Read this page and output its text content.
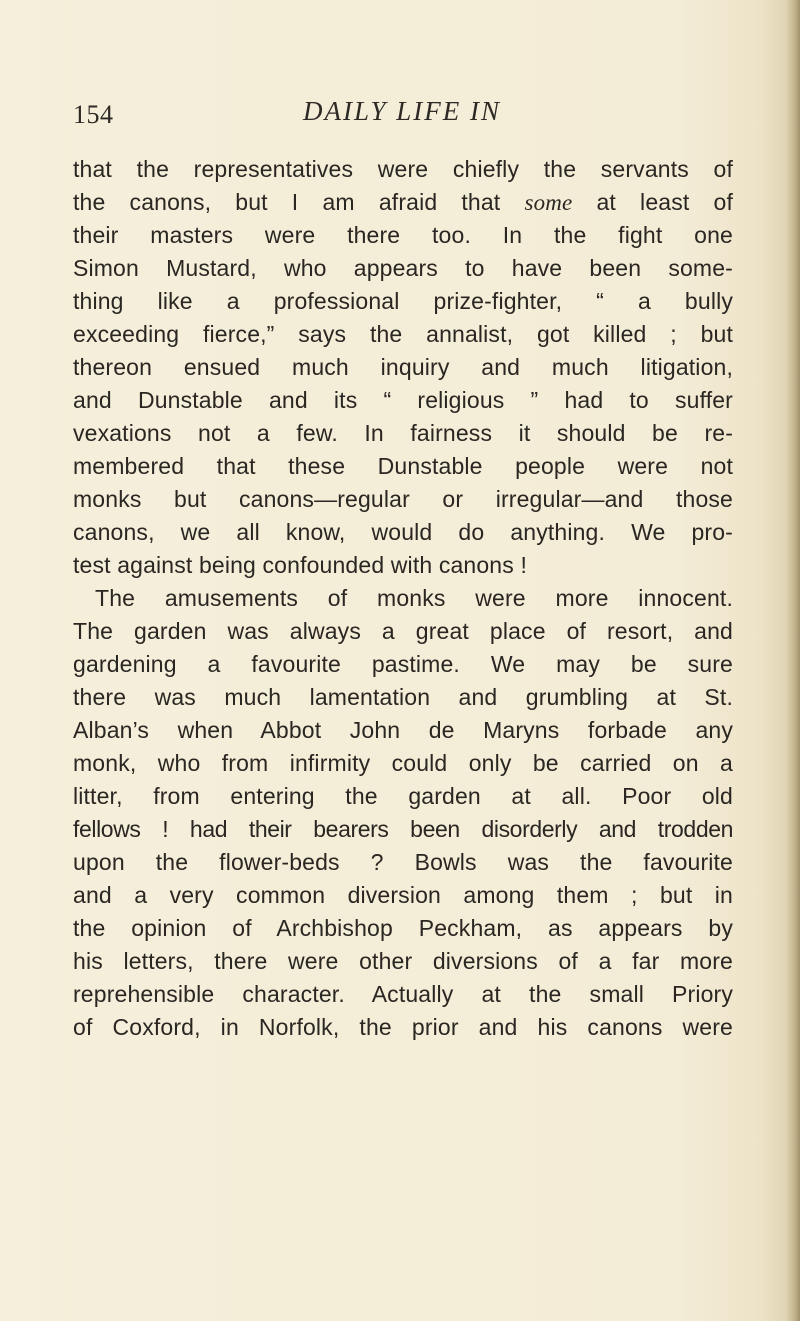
154	DAILY LIFE IN
that the representatives were chiefly the servants of
the canons, but I am afraid that some at least of
their masters were there too. In the fight one
Simon Mustard, who appears to have been some-
thing like a professional prize-fighter, “ a bully
exceeding fierce,” says the annalist, got killed ; but
thereon ensued much inquiry and much litigation,
and Dunstable and its “ religious ” had to suffer
vexations not a few. In fairness it should be re-
membered that these Dunstable people were not
monks but canons—regular or irregular—and those
canons, we all know, would do anything. We pro-
test against being confounded with canons !
The amusements of monks were more innocent.
The garden was always a great place of resort, and
gardening a favourite pastime. We may be sure
there was much lamentation and grumbling at St.
Alban’s when Abbot John de Maryns forbade any
monk, who from infirmity could only be carried on a
litter, from entering the garden at all. Poor old
fellows ! had their bearers been disorderly and trodden
upon the flower-beds ? Bowls was the favourite
and a very common diversion among them ; but in
the opinion of Archbishop Peckham, as appears by
his letters, there were other diversions of a far more
reprehensible character. Actually at the small Priory
of Coxford, in Norfolk, the prior and his canons were
